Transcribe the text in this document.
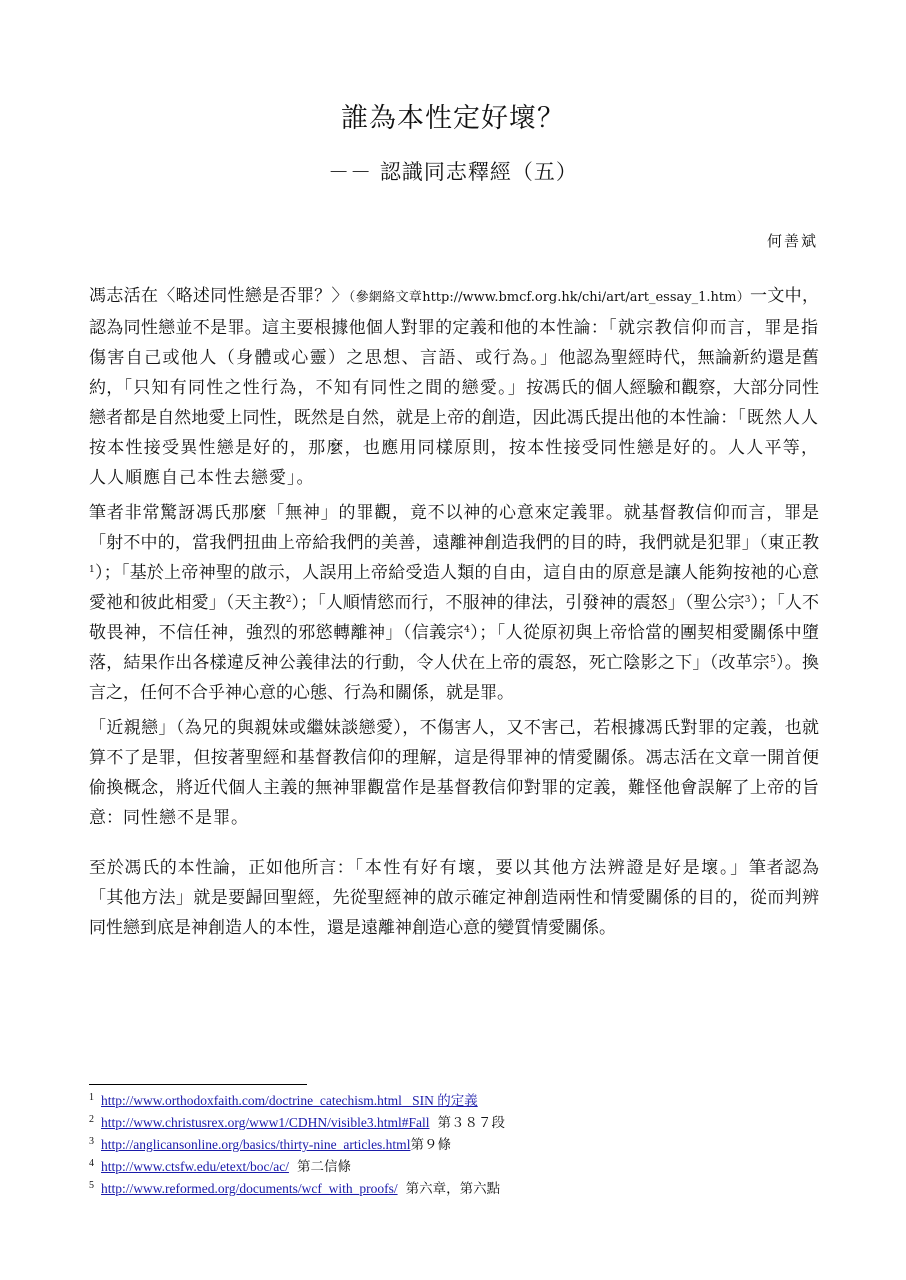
誰為本性定好壞？
－－ 認識同志釋經（五）
何善斌
馮志活在〈略述同性戀是否罪？〉（參網絡文章http://www.bmcf.org.hk/chi/art/art_essay_1.htm）一文中，認為同性戀並不是罪。這主要根據他個人對罪的定義和他的本性論：「就宗教信仰而言，罪是指傷害自己或他人（身體或心靈）之思想、言語、或行為。」他認為聖經時代，無論新約還是舊約，「只知有同性之性行為，不知有同性之間的戀愛。」按馮氏的個人經驗和觀察，大部分同性戀者都是自然地愛上同性，既然是自然，就是上帝的創造，因此馮氏提出他的本性論：「既然人人按本性接受異性戀是好的，那麼，也應用同樣原則，按本性接受同性戀是好的。人人平等，人人順應自己本性去戀愛」。
筆者非常驚訝馮氏那麼「無神」的罪觀，竟不以神的心意來定義罪。就基督教信仰而言，罪是「射不中的，當我們扭曲上帝給我們的美善，遠離神創造我們的目的時，我們就是犯罪」（東正教$^1$）；「基於上帝神聖的啟示，人誤用上帝給受造人類的自由，這自由的原意是讓人能夠按祂的心意愛祂和彼此相愛」（天主教$^2$）；「人順情慾而行，不服神的律法，引發神的震怒」（聖公宗$^3$）；「人不敬畏神，不信任神，強烈的邪慾轉離神」（信義宗$^4$）；「人從原初與上帝恰當的團契相愛關係中墮落，結果作出各樣違反神公義律法的行動，令人伏在上帝的震怒，死亡陰影之下」（改革宗$^5$）。換言之，任何不合乎神心意的心態、行為和關係，就是罪。
「近親戀」（為兄的與親妹或繼妹談戀愛），不傷害人，又不害己，若根據馮氏對罪的定義，也就算不了是罪，但按著聖經和基督教信仰的理解，這是得罪神的情愛關係。馮志活在文章一開首便偷換概念，將近代個人主義的無神罪觀當作是基督教信仰對罪的定義，難怪他會誤解了上帝的旨意：同性戀不是罪。
至於馮氏的本性論，正如他所言：「本性有好有壞，要以其他方法辨證是好是壞。」筆者認為「其他方法」就是要歸回聖經，先從聖經神的啟示確定神創造兩性和情愛關係的目的，從而判辨同性戀到底是神創造人的本性，還是遠離神創造心意的變質情愛關係。
1 http://www.orthodoxfaith.com/doctrine_catechism.html   SIN 的定義
2 http://www.christusrex.org/www1/CDHN/visible3.html#Fall 第３８７段
3 http://anglicansonline.org/basics/thirty-nine_articles.html第９條
4 http://www.ctsfw.edu/etext/boc/ac/ 第二信條
5 http://www.reformed.org/documents/wcf_with_proofs/ 第六章，第六點
